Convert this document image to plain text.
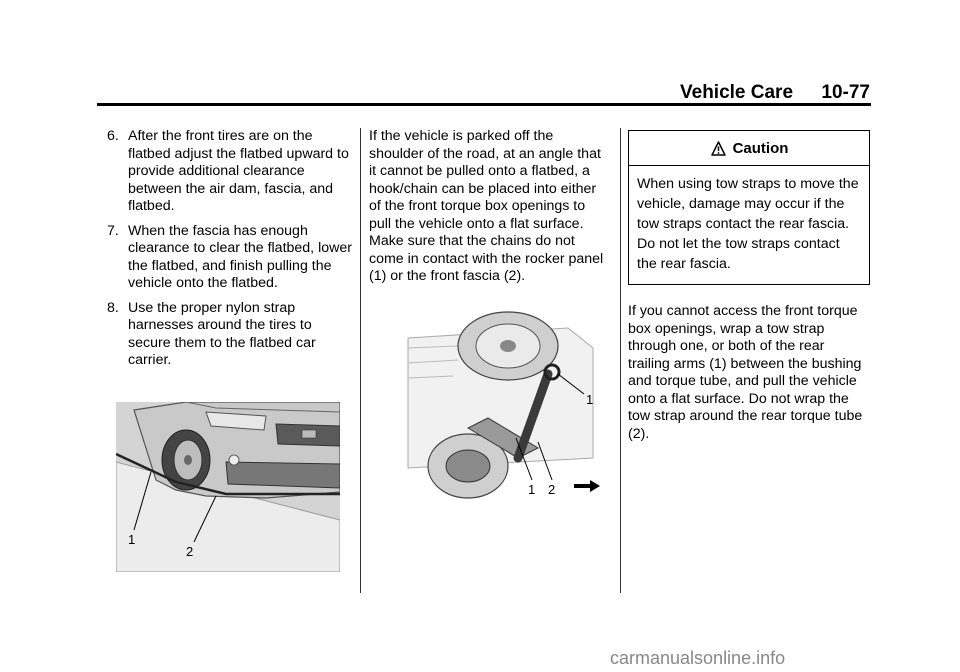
Vehicle Care 10-77
6. After the front tires are on the flatbed adjust the flatbed upward to provide additional clearance between the air dam, fascia, and flatbed.
7. When the fascia has enough clearance to clear the flatbed, lower the flatbed, and finish pulling the vehicle onto the flatbed.
8. Use the proper nylon strap harnesses around the tires to secure them to the flatbed car carrier.
1
2
If the vehicle is parked off the shoulder of the road, at an angle that it cannot be pulled onto a flatbed, a hook/chain can be placed into either of the front torque box openings to pull the vehicle onto a flat surface. Make sure that the chains do not come in contact with the rocker panel (1) or the front fascia (2).
1
1 2
Caution
When using tow straps to move the vehicle, damage may occur if the tow straps contact the rear fascia. Do not let the tow straps contact the rear fascia.
If you cannot access the front torque box openings, wrap a tow strap through one, or both of the rear trailing arms (1) between the bushing and torque tube, and pull the vehicle onto a flat surface. Do not wrap the tow strap around the rear torque tube (2).
carmanualsonline.info
